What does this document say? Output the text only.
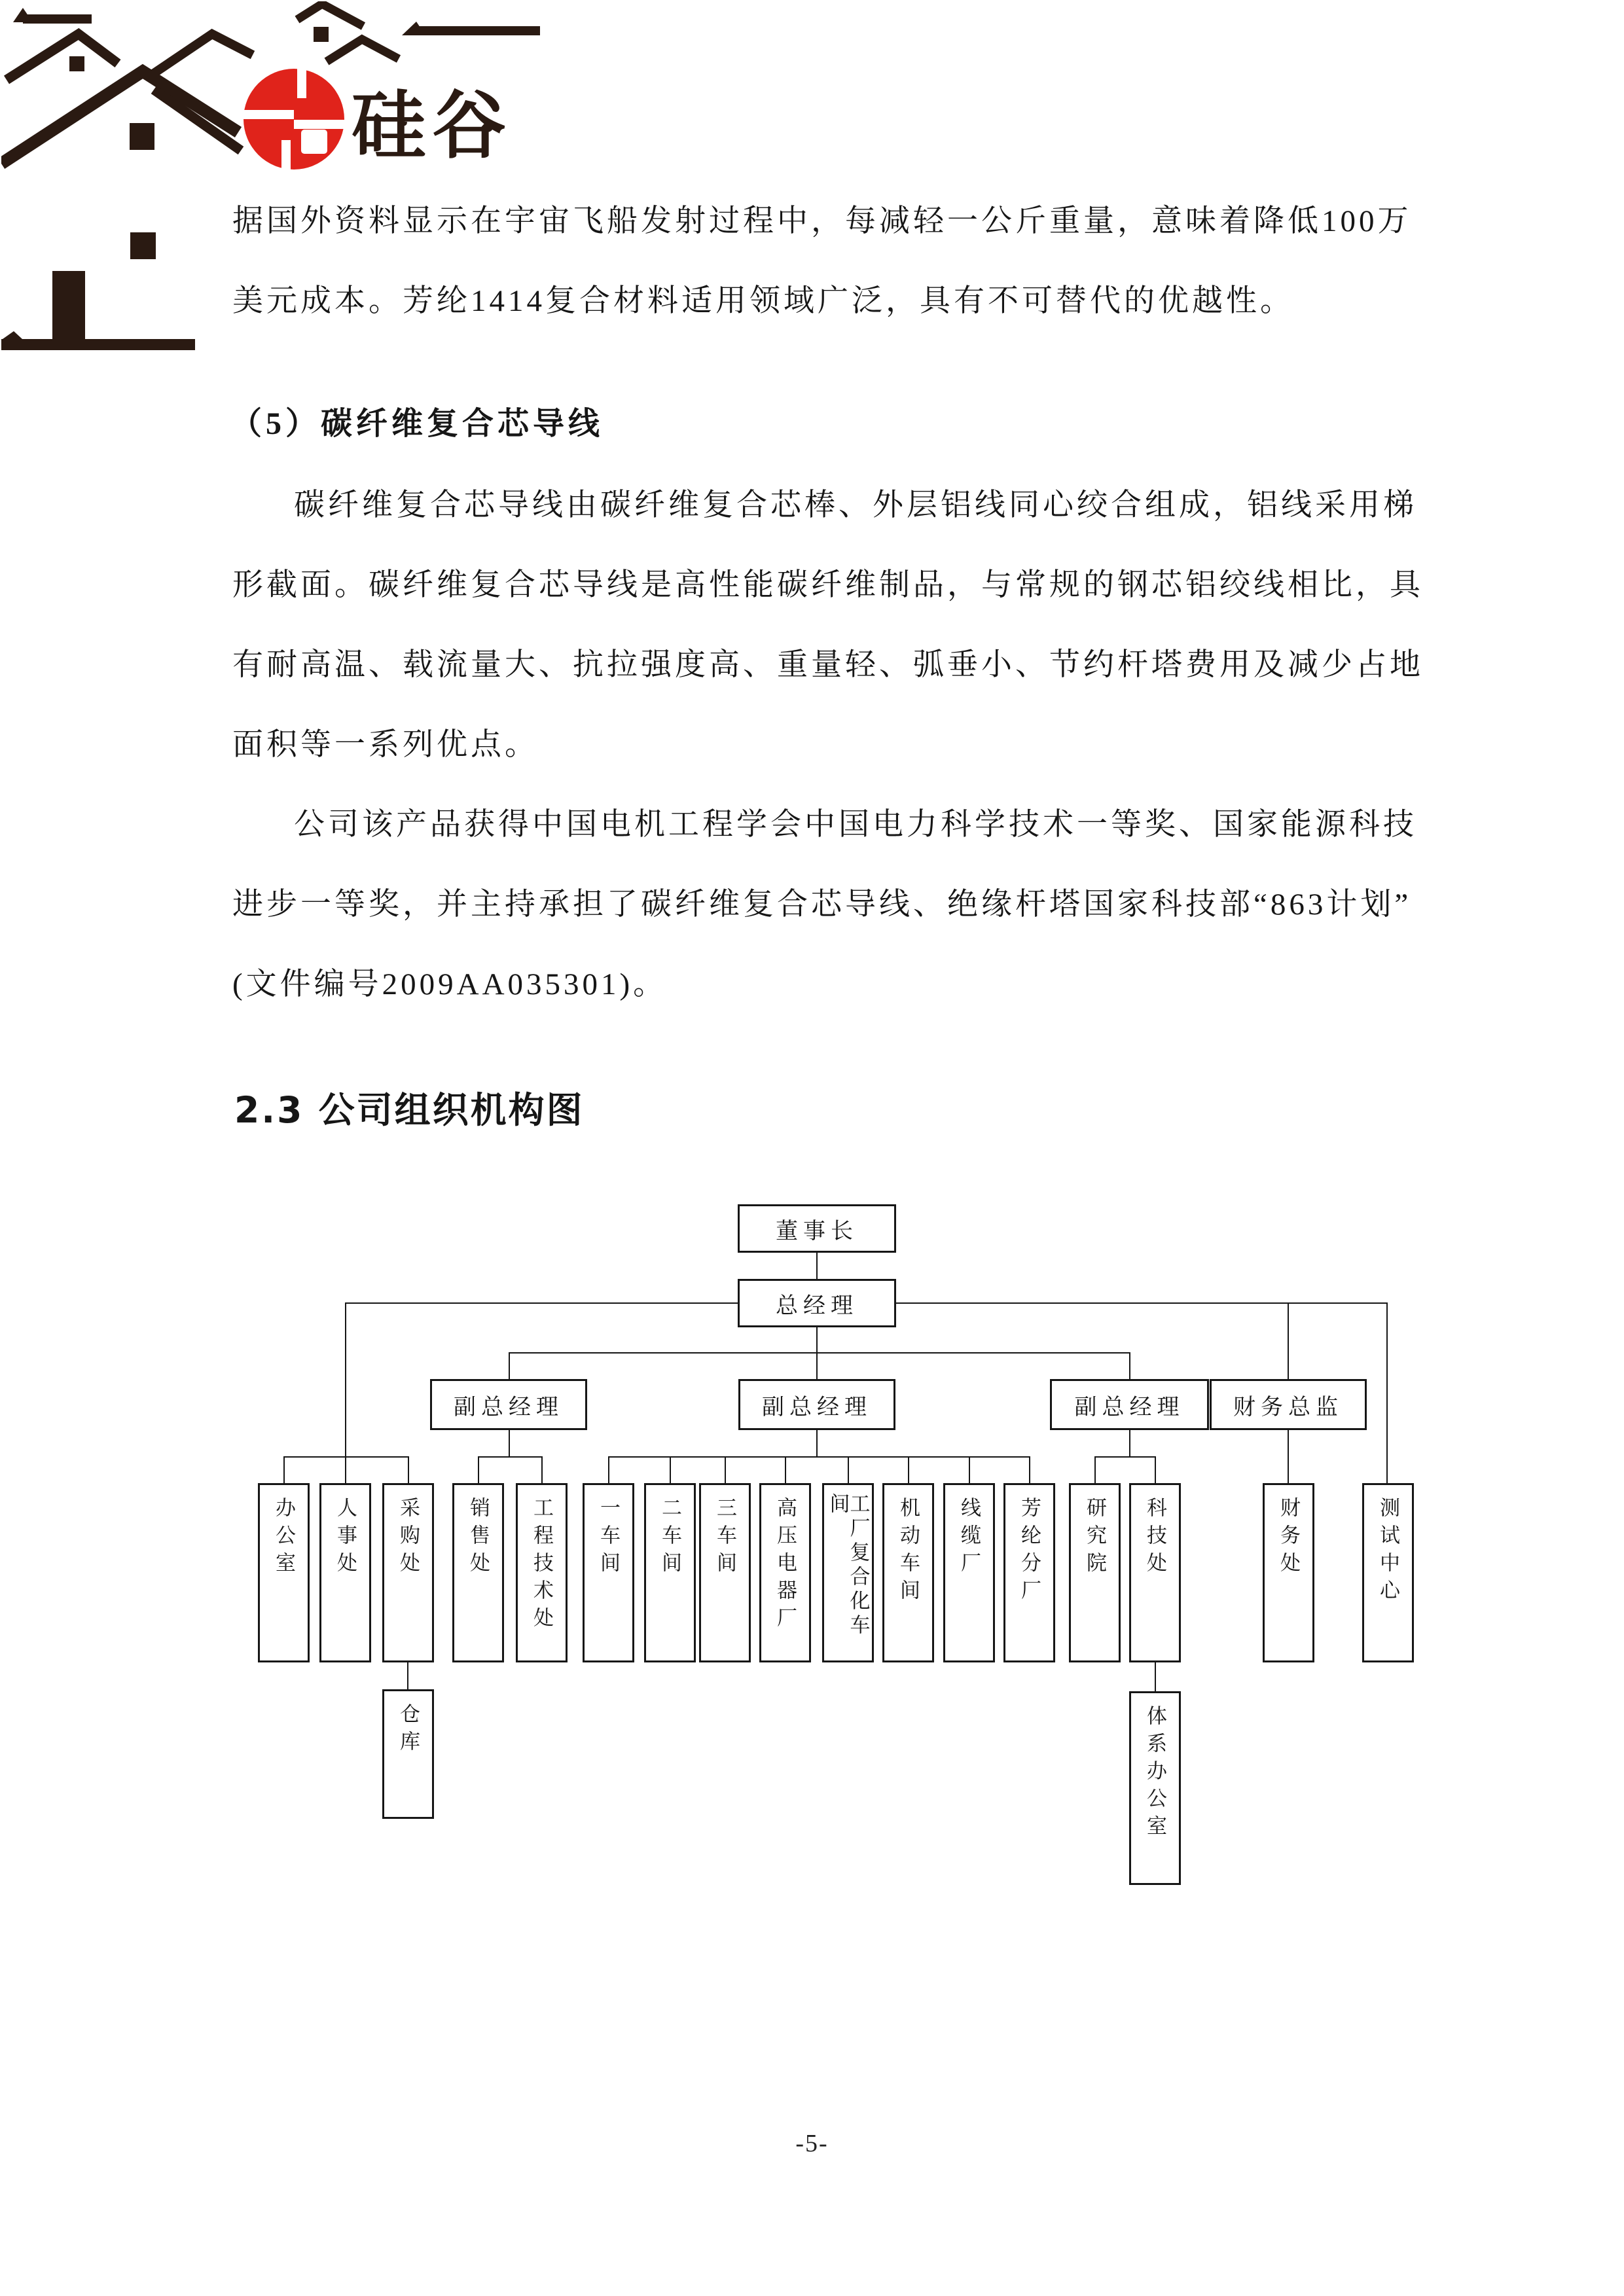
硅谷
据国外资料显示在宇宙飞船发射过程中，每减轻一公斤重量，意味着降低100万
美元成本。芳纶1414复合材料适用领域广泛，具有不可替代的优越性。
（5）碳纤维复合芯导线
碳纤维复合芯导线由碳纤维复合芯棒、外层铝线同心绞合组成，铝线采用梯
形截面。碳纤维复合芯导线是高性能碳纤维制品，与常规的钢芯铝绞线相比，具
有耐高温、载流量大、抗拉强度高、重量轻、弧垂小、节约杆塔费用及减少占地
面积等一系列优点。
公司该产品获得中国电机工程学会中国电力科学技术一等奖、国家能源科技
进步一等奖，并主持承担了碳纤维复合芯导线、绝缘杆塔国家科技部“863计划”
(文件编号2009AA035301)。
2.3 公司组织机构图
董事长
总经理
副总经理	副总经理	副总经理 财务总监
办公室 人事处 采购处 销售处 工程技术处 一车间 二车间 三车间 高压电器厂	工厂复合化车间	机动车间 线缆厂 芳纶分厂 研究院 科技处	财务处	测试中心
仓库	体系办公室
-5-
